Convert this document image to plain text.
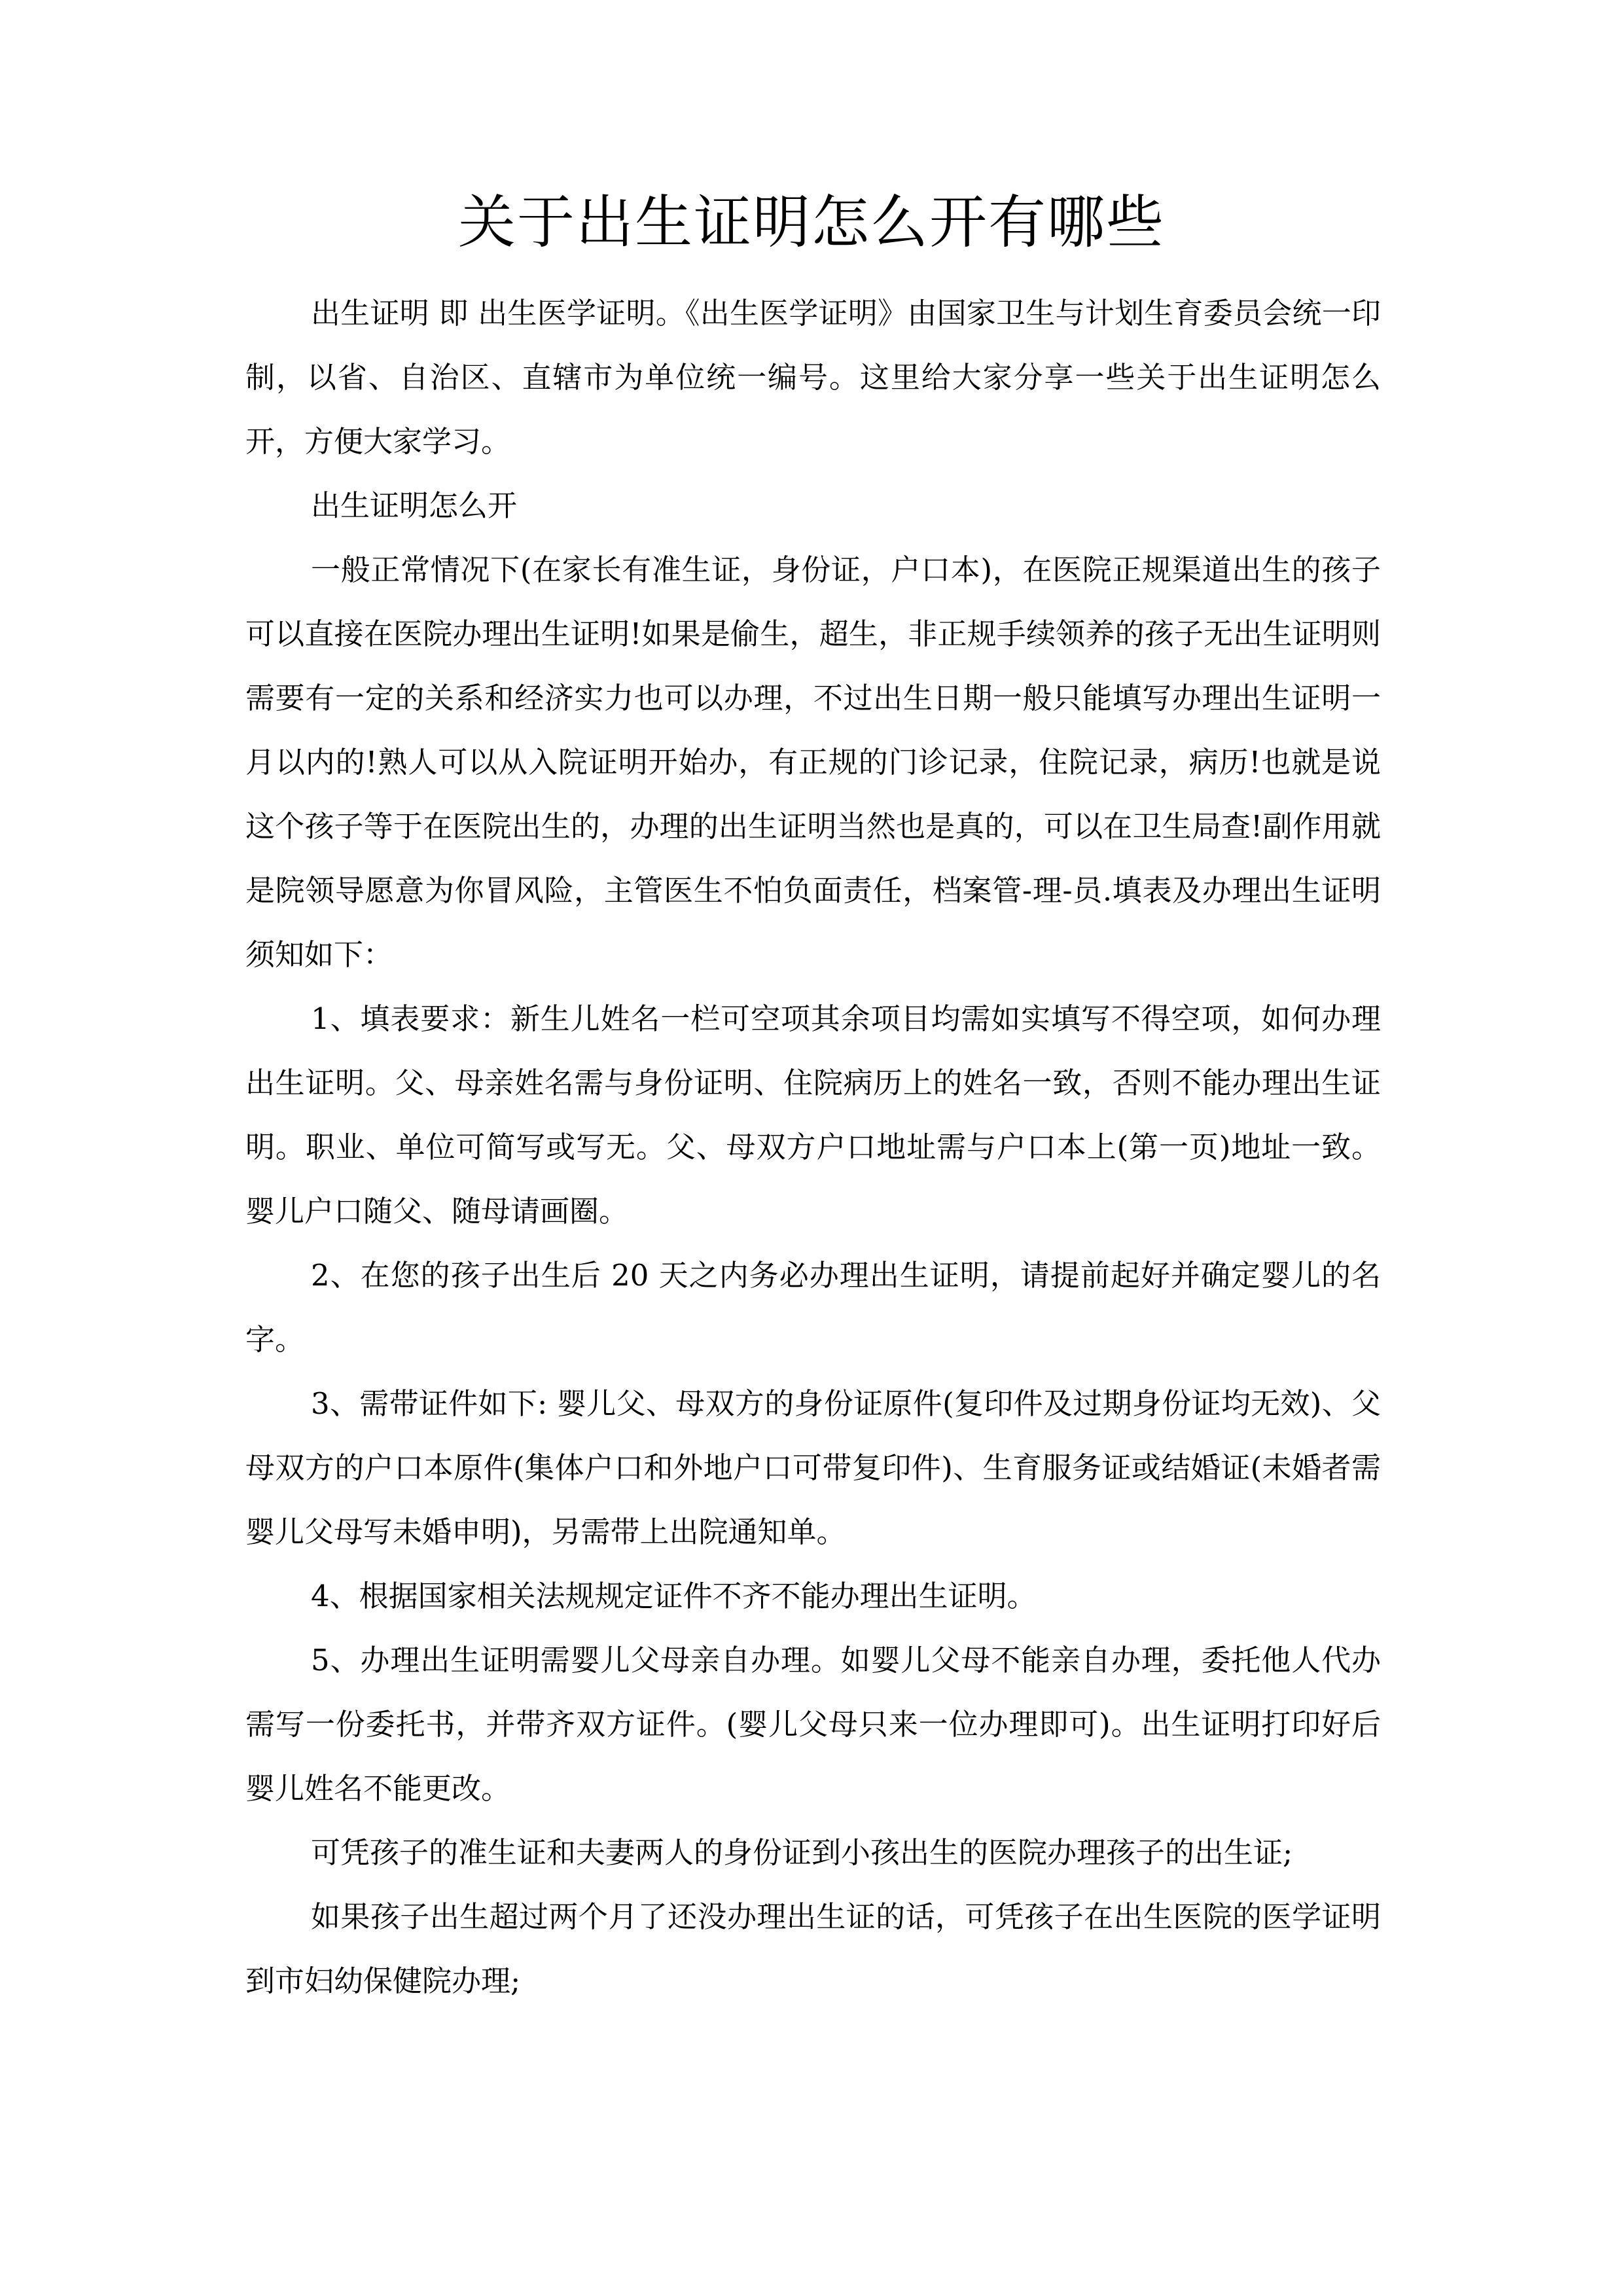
关于出生证明怎么开有哪些

出生证明 即 出生医学证明。《出生医学证明》由国家卫生与计划生育委员会统一印制，以省、自治区、直辖市为单位统一编号。这里给大家分享一些关于出生证明怎么开，方便大家学习。

出生证明怎么开

一般正常情况下(在家长有准生证，身份证，户口本)，在医院正规渠道出生的孩子可以直接在医院办理出生证明!如果是偷生，超生，非正规手续领养的孩子无出生证明则需要有一定的关系和经济实力也可以办理，不过出生日期一般只能填写办理出生证明一月以内的!熟人可以从入院证明开始办，有正规的门诊记录，住院记录，病历!也就是说这个孩子等于在医院出生的，办理的出生证明当然也是真的，可以在卫生局查!副作用就是院领导愿意为你冒风险，主管医生不怕负面责任，档案管-理-员.填表及办理出生证明须知如下：

1、填表要求：新生儿姓名一栏可空项其余项目均需如实填写不得空项，如何办理出生证明。父、母亲姓名需与身份证明、住院病历上的姓名一致，否则不能办理出生证明。职业、单位可简写或写无。父、母双方户口地址需与户口本上(第一页)地址一致。婴儿户口随父、随母请画圈。

2、在您的孩子出生后 20 天之内务必办理出生证明，请提前起好并确定婴儿的名字。

3、需带证件如下: 婴儿父、母双方的身份证原件(复印件及过期身份证均无效)、父母双方的户口本原件(集体户口和外地户口可带复印件)、生育服务证或结婚证(未婚者需婴儿父母写未婚申明)，另需带上出院通知单。

4、根据国家相关法规规定证件不齐不能办理出生证明。

5、办理出生证明需婴儿父母亲自办理。如婴儿父母不能亲自办理，委托他人代办需写一份委托书，并带齐双方证件。(婴儿父母只来一位办理即可)。出生证明打印好后婴儿姓名不能更改。

可凭孩子的准生证和夫妻两人的身份证到小孩出生的医院办理孩子的出生证;

如果孩子出生超过两个月了还没办理出生证的话，可凭孩子在出生医院的医学证明到市妇幼保健院办理;
